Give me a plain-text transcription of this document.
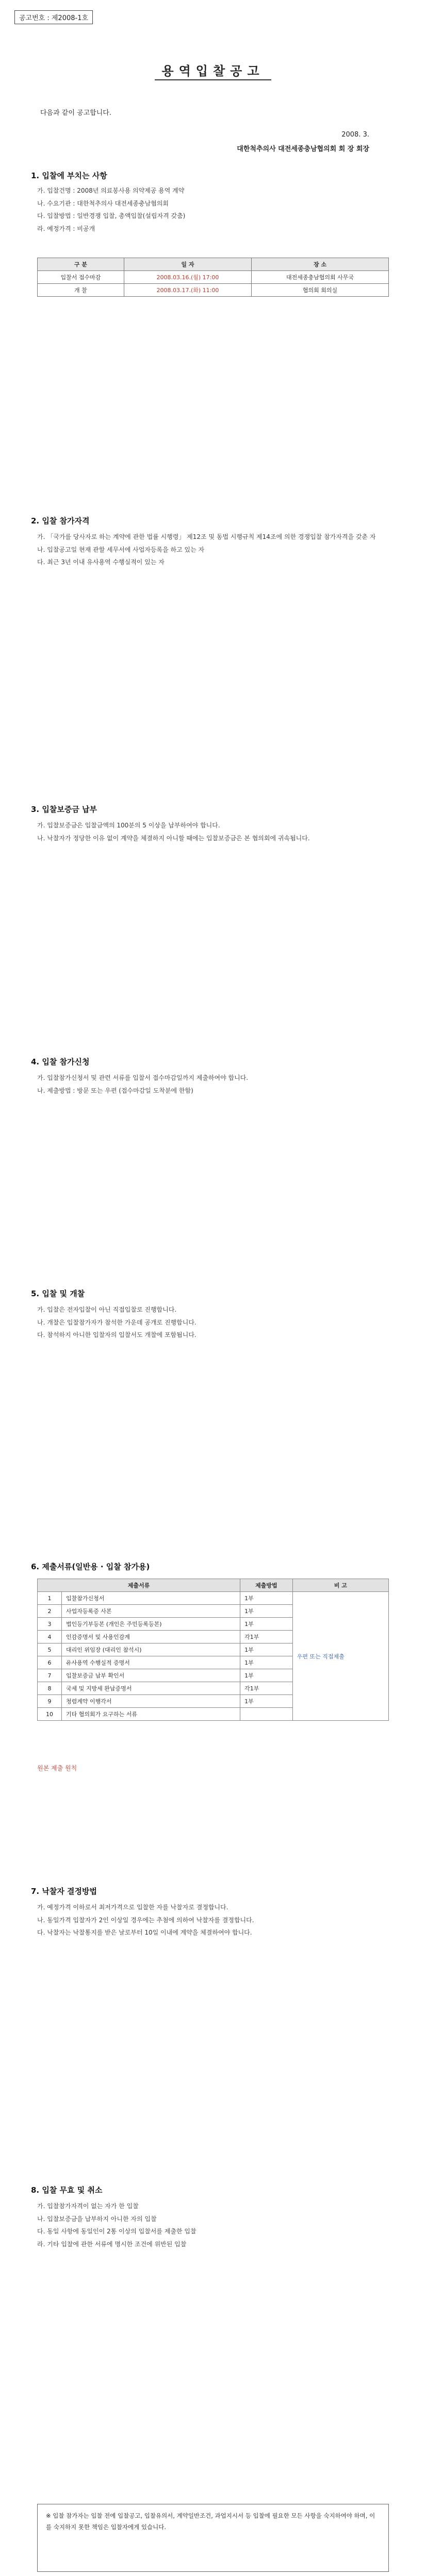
공고번호 : 제2008-1호
용역입찰공고
다음과 같이 공고합니다.
2008. 3.
대한척추의사 대전세종충남협의회 회 장 회장
1. 입찰에 부치는 사항
가. 입찰건명 : 2008년 의료봉사용 의약제공 용역 계약
나. 수요기관 : 대한척추의사 대전세종충남협의회
다. 입찰방법 : 일반경쟁 입찰, 총액입찰(설립자격 갖춤)
라. 예정가격 : 비공개
구 분	일 자	장 소
입찰서 접수마감	2008.03.16.(월) 17:00	대전세종충남협의회 사무국
개 찰	2008.03.17.(화) 11:00	협의회 회의실
2. 입찰 참가자격
가. 「국가를 당사자로 하는 계약에 관한 법률 시행령」 제12조 및 동법 시행규칙 제14조에 의한 경쟁입찰 참가자격을 갖춘 자
나. 입찰공고일 현재 관할 세무서에 사업자등록을 하고 있는 자
다. 최근 3년 이내 유사용역 수행실적이 있는 자
3. 입찰보증금 납부
가. 입찰보증금은 입찰금액의 100분의 5 이상을 납부하여야 합니다.
나. 낙찰자가 정당한 이유 없이 계약을 체결하지 아니할 때에는 입찰보증금은 본 협의회에 귀속됩니다.
4. 입찰 참가신청
가. 입찰참가신청서 및 관련 서류를 입찰서 접수마감일까지 제출하여야 합니다.
나. 제출방법 : 방문 또는 우편 (접수마감일 도착분에 한함)
5. 입찰 및 개찰
가. 입찰은 전자입찰이 아닌 직접입찰로 진행합니다.
나. 개찰은 입찰참가자가 참석한 가운데 공개로 진행합니다.
다. 참석하지 아니한 입찰자의 입찰서도 개찰에 포함됩니다.
6. 제출서류(일반용 · 입찰 참가용)
제출서류		제출방법	비 고
1	입찰참가신청서	1부	우편 또는 직접제출
2	사업자등록증 사본	1부	
3	법인등기부등본 (개인은 주민등록등본)	1부	
4	인감증명서 및 사용인감계	각1부	
5	대리인 위임장 (대리인 참석시)	1부	
6	유사용역 수행실적 증명서	1부	
7	입찰보증금 납부 확인서	1부	
8	국세 및 지방세 완납증명서	각1부	
9	청렴계약 이행각서	1부	
10	기타 협의회가 요구하는 서류		
원본 제출 원칙
7. 낙찰자 결정방법
가. 예정가격 이하로서 최저가격으로 입찰한 자를 낙찰자로 결정합니다.
나. 동일가격 입찰자가 2인 이상일 경우에는 추첨에 의하여 낙찰자를 결정합니다.
다. 낙찰자는 낙찰통지를 받은 날로부터 10일 이내에 계약을 체결하여야 합니다.
8. 입찰 무효 및 취소
가. 입찰참가자격이 없는 자가 한 입찰
나. 입찰보증금을 납부하지 아니한 자의 입찰
다. 동일 사항에 동일인이 2통 이상의 입찰서를 제출한 입찰
라. 기타 입찰에 관한 서류에 명시한 조건에 위반된 입찰
※ 입찰 참가자는 입찰 전에 입찰공고, 입찰유의서, 계약일반조건, 과업지시서 등 입찰에 필요한 모든 사항을 숙지하여야 하며, 이를 숙지하지 못한 책임은 입찰자에게 있습니다.
